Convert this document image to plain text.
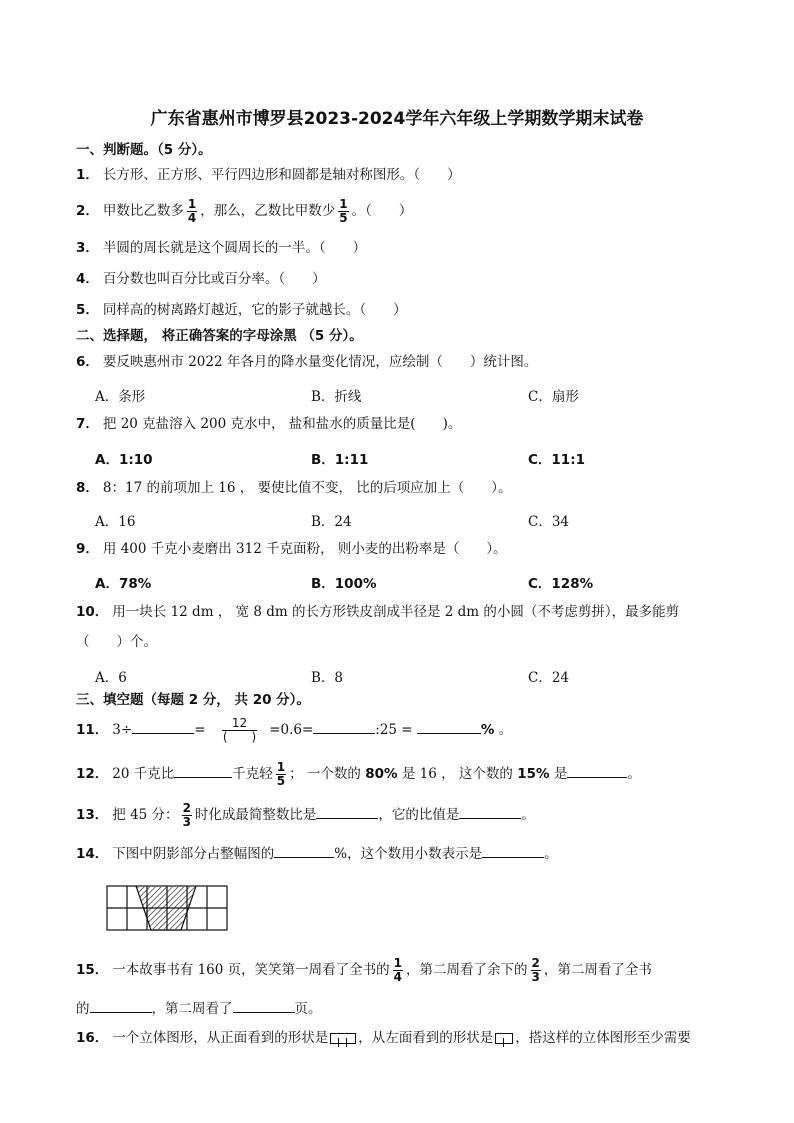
广东省惠州市博罗县2023-2024学年六年级上学期数学期末试卷
一、判断题。（5 分）。
1． 长方形、正方形、平行四边形和圆都是轴对称图形。（　　）
2． 甲数比乙数多 $\frac{1}{4}$ ，那么，乙数比甲数少 $\frac{1}{5}$ 。（　　）
3． 半圆的周长就是这个圆周长的一半。（　　）
4． 百分数也叫百分比或百分率。（　　）
5． 同样高的树离路灯越近，它的影子就越长。（　　）
二、选择题， 将正确答案的字母涂黑 （5 分）。
6． 要反映惠州市 2022 年各月的降水量变化情况，应绘制（　　）统计图。
A．条形	B．折线	C．扇形
7． 把 20 克盐溶入 200 克水中， 盐和盐水的质量比是(　　)。
A．1:10	B．1:11	C．11:1
8． 8：17 的前项加上 16 ， 要使比值不变， 比的后项应加上（　　）。
A．16	B．24	C．34
9． 用 400 千克小麦磨出 312 千克面粉， 则小麦的出粉率是（　　）。
A．78%	B．100%	C．128%
10． 用一块长 12 dm ， 宽 8 dm 的长方形铁皮剖成半径是 2 dm 的小圆（不考虑剪拼），最多能剪
（　　）个。
A．6	B．8	C．24
三、填空题（每题 2 分， 共 20 分）。
11． 3÷	= $\frac{12}{( )} =0.6=$	:25 =	% 。
12． 20 千克比	千克轻 $\frac{1}{5}$ ； 一个数的 80% 是 16 ， 这个数的 15% 是	。
13． 把 45 分： $\frac{2}{3}$ 时化成最简整数比是	，它的比值是	。
14． 下图中阴影部分占整幅图的	%，这个数用小数表示是	。
15． 一本故事书有 160 页，笑笑第一周看了全书的 $\frac{1}{4}$ ，第二周看了余下的 $\frac{2}{3}$ ，第二周看了全书
的	，第二周看了	页。
16． 一个立体图形，从正面看到的形状是 ，从左面看到的形状是 ，搭这样的立体图形至少需要
